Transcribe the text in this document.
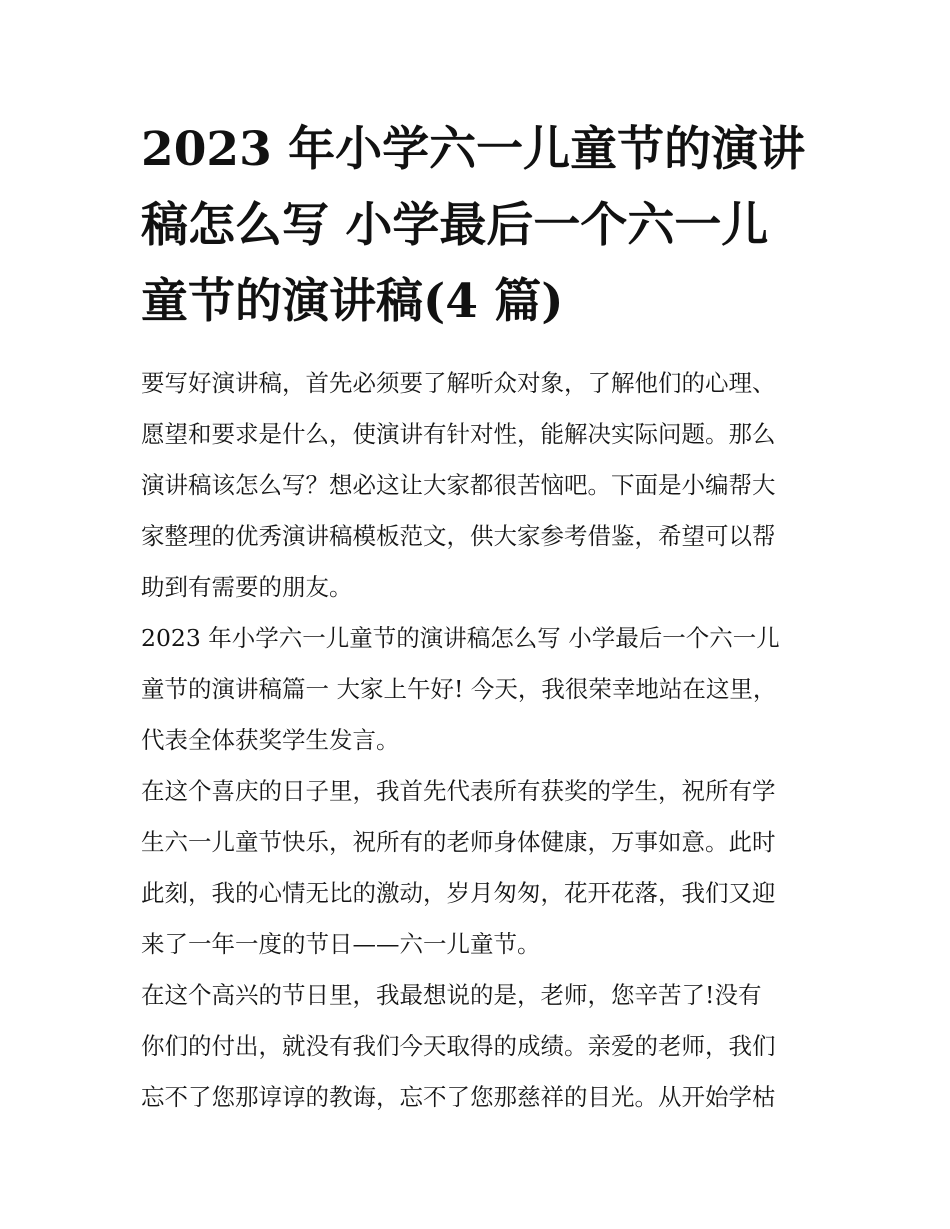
2023 年小学六一儿童节的演讲
稿怎么写 小学最后一个六一儿
童节的演讲稿(4 篇)
要写好演讲稿，首先必须要了解听众对象，了解他们的心理、
愿望和要求是什么，使演讲有针对性，能解决实际问题。那么
演讲稿该怎么写？想必这让大家都很苦恼吧。下面是小编帮大
家整理的优秀演讲稿模板范文，供大家参考借鉴，希望可以帮
助到有需要的朋友。
2023 年小学六一儿童节的演讲稿怎么写 小学最后一个六一儿
童节的演讲稿篇一 大家上午好! 今天，我很荣幸地站在这里，
代表全体获奖学生发言。
在这个喜庆的日子里，我首先代表所有获奖的学生，祝所有学
生六一儿童节快乐，祝所有的老师身体健康，万事如意。此时
此刻，我的心情无比的激动，岁月匆匆，花开花落，我们又迎
来了一年一度的节日——六一儿童节。
在这个高兴的节日里，我最想说的是，老师，您辛苦了!没有
你们的付出，就没有我们今天取得的成绩。亲爱的老师，我们
忘不了您那谆谆的教诲，忘不了您那慈祥的目光。从开始学枯
